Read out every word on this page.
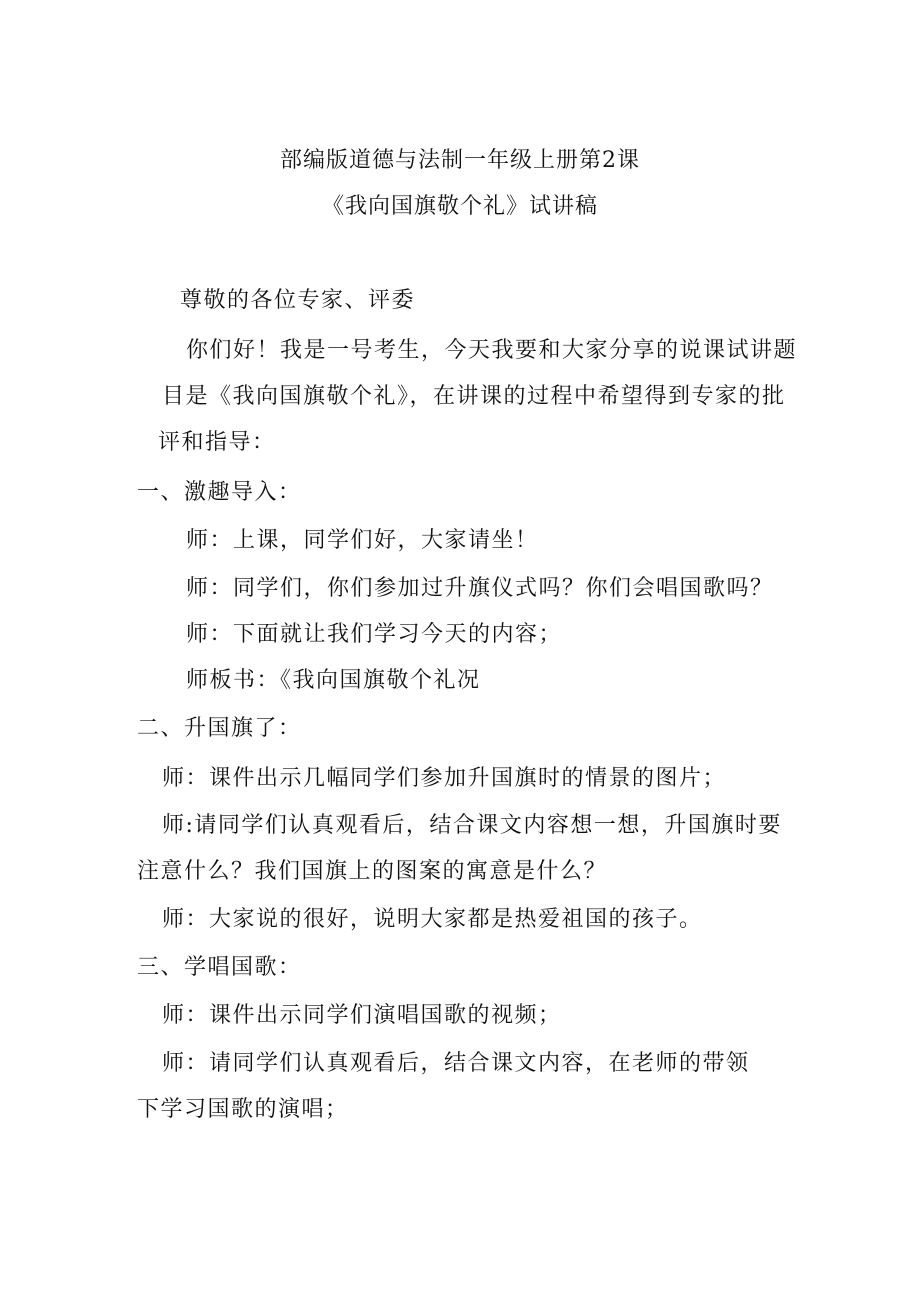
部编版道德与法制一年级上册第2课
《我向国旗敬个礼》试讲稿
尊敬的各位专家、评委
你们好！我是一号考生，今天我要和大家分享的说课试讲题
目是《我向国旗敬个礼》，在讲课的过程中希望得到专家的批
评和指导：
一、激趣导入：
师：上课，同学们好，大家请坐！
师：同学们，你们参加过升旗仪式吗？你们会唱国歌吗？
师：下面就让我们学习今天的内容；
师板书：《我向国旗敬个礼况
二、升国旗了：
师：课件出示几幅同学们参加升国旗时的情景的图片；
师:请同学们认真观看后，结合课文内容想一想，升国旗时要
注意什么？我们国旗上的图案的寓意是什么？
师：大家说的很好，说明大家都是热爱祖国的孩子。
三、学唱国歌：
师：课件出示同学们演唱国歌的视频；
师：请同学们认真观看后，结合课文内容，在老师的带领
下学习国歌的演唱；
